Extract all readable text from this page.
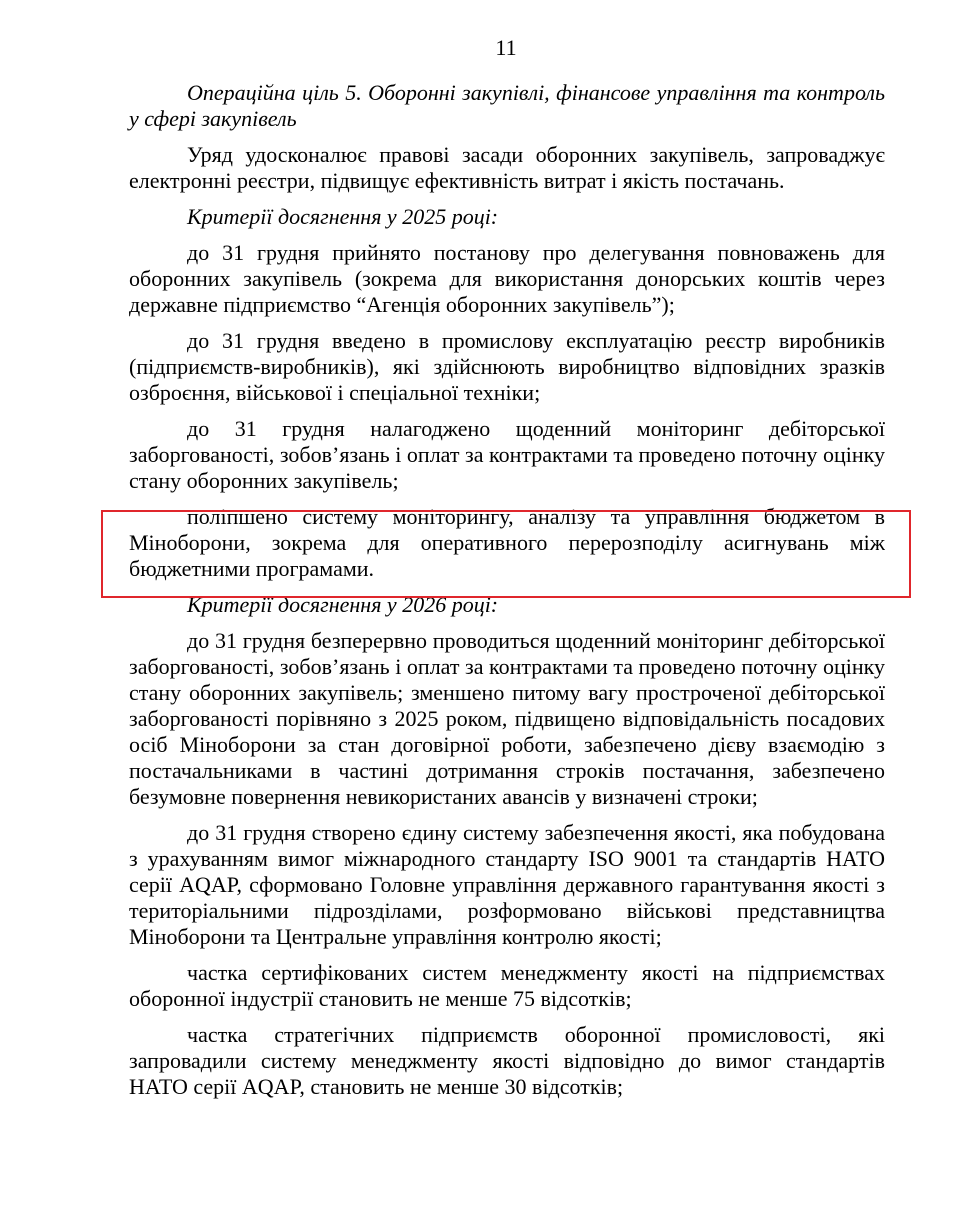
11

Операційна ціль 5. Оборонні закупівлі, фінансове управління та контроль у сфері закупівель

Уряд удосконалює правові засади оборонних закупівель, запроваджує електронні реєстри, підвищує ефективність витрат і якість постачань.

Критерії досягнення у 2025 році:

до 31 грудня прийнято постанову про делегування повноважень для оборонних закупівель (зокрема для використання донорських коштів через державне підприємство “Агенція оборонних закупівель”);

до 31 грудня введено в промислову експлуатацію реєстр виробників (підприємств-виробників), які здійснюють виробництво відповідних зразків озброєння, військової і спеціальної техніки;

до 31 грудня налагоджено щоденний моніторинг дебіторської заборгованості, зобов’язань і оплат за контрактами та проведено поточну оцінку стану оборонних закупівель;

поліпшено систему моніторингу, аналізу та управління бюджетом в Міноборони, зокрема для оперативного перерозподілу асигнувань між бюджетними програмами.

Критерії досягнення у 2026 році:

до 31 грудня безперервно проводиться щоденний моніторинг дебіторської заборгованості, зобов’язань і оплат за контрактами та проведено поточну оцінку стану оборонних закупівель; зменшено питому вагу простроченої дебіторської заборгованості порівняно з 2025 роком, підвищено відповідальність посадових осіб Міноборони за стан договірної роботи, забезпечено дієву взаємодію з постачальниками в частині дотримання строків постачання, забезпечено безумовне повернення невикористаних авансів у визначені строки;

до 31 грудня створено єдину систему забезпечення якості, яка побудована з урахуванням вимог міжнародного стандарту ISO 9001 та стандартів НАТО серії AQAP, сформовано Головне управління державного гарантування якості з територіальними підрозділами, розформовано військові представництва Міноборони та Центральне управління контролю якості;

частка сертифікованих систем менеджменту якості на підприємствах оборонної індустрії становить не менше 75 відсотків;

частка стратегічних підприємств оборонної промисловості, які запровадили систему менеджменту якості відповідно до вимог стандартів НАТО серії AQAP, становить не менше 30 відсотків;
